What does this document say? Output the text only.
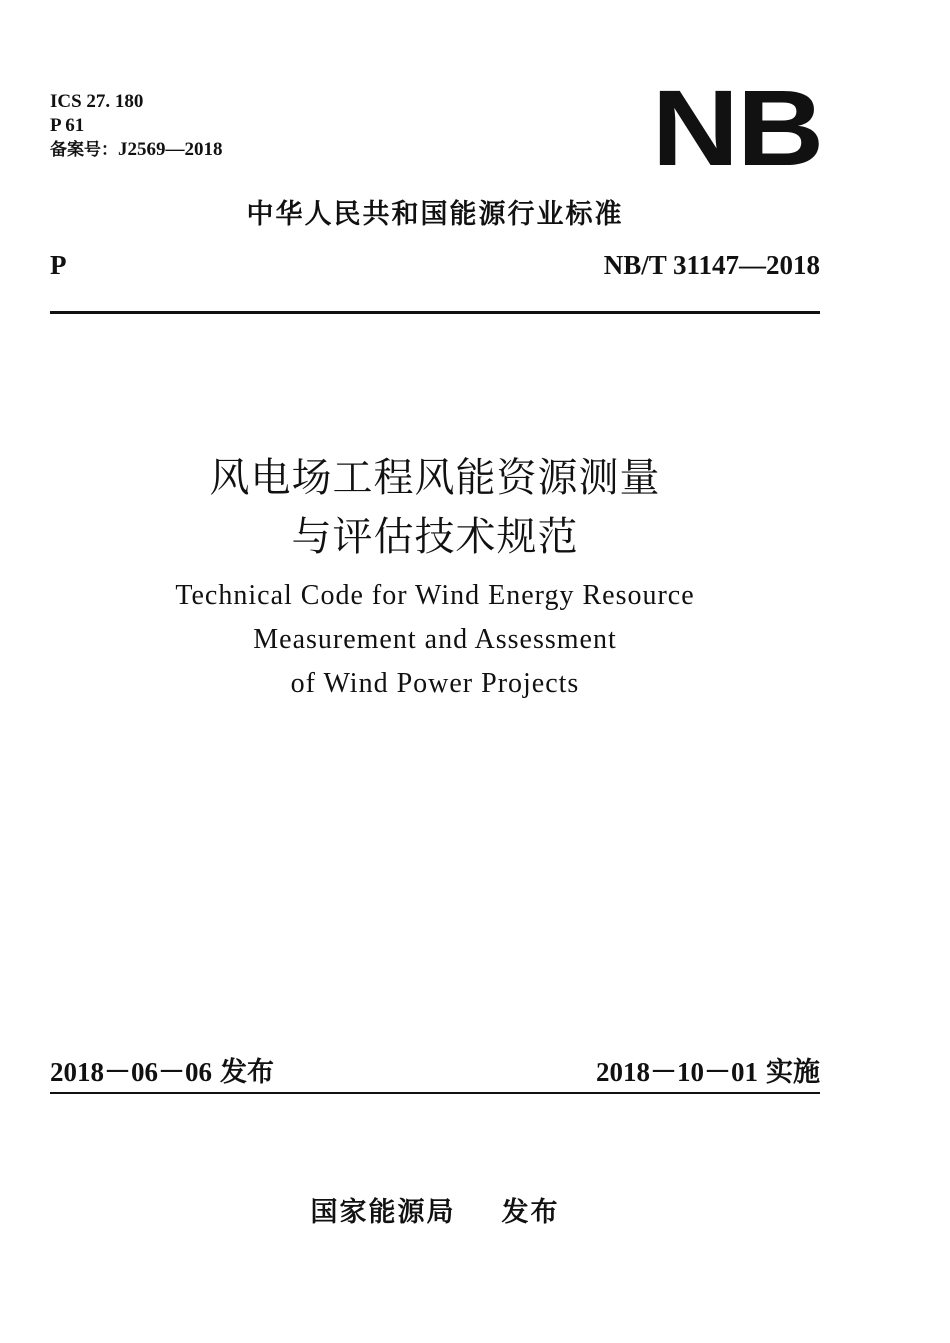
ICS 27. 180
P 61
备案号：J2569—2018	NB
中华人民共和国能源行业标准
P	NB/T 31147—2018
风电场工程风能资源测量
与评估技术规范
Technical Code for Wind Energy Resource
Measurement and Assessment
of Wind Power Projects
2018－06－06 发布	2018－10－01 实施
国家能源局 发布
